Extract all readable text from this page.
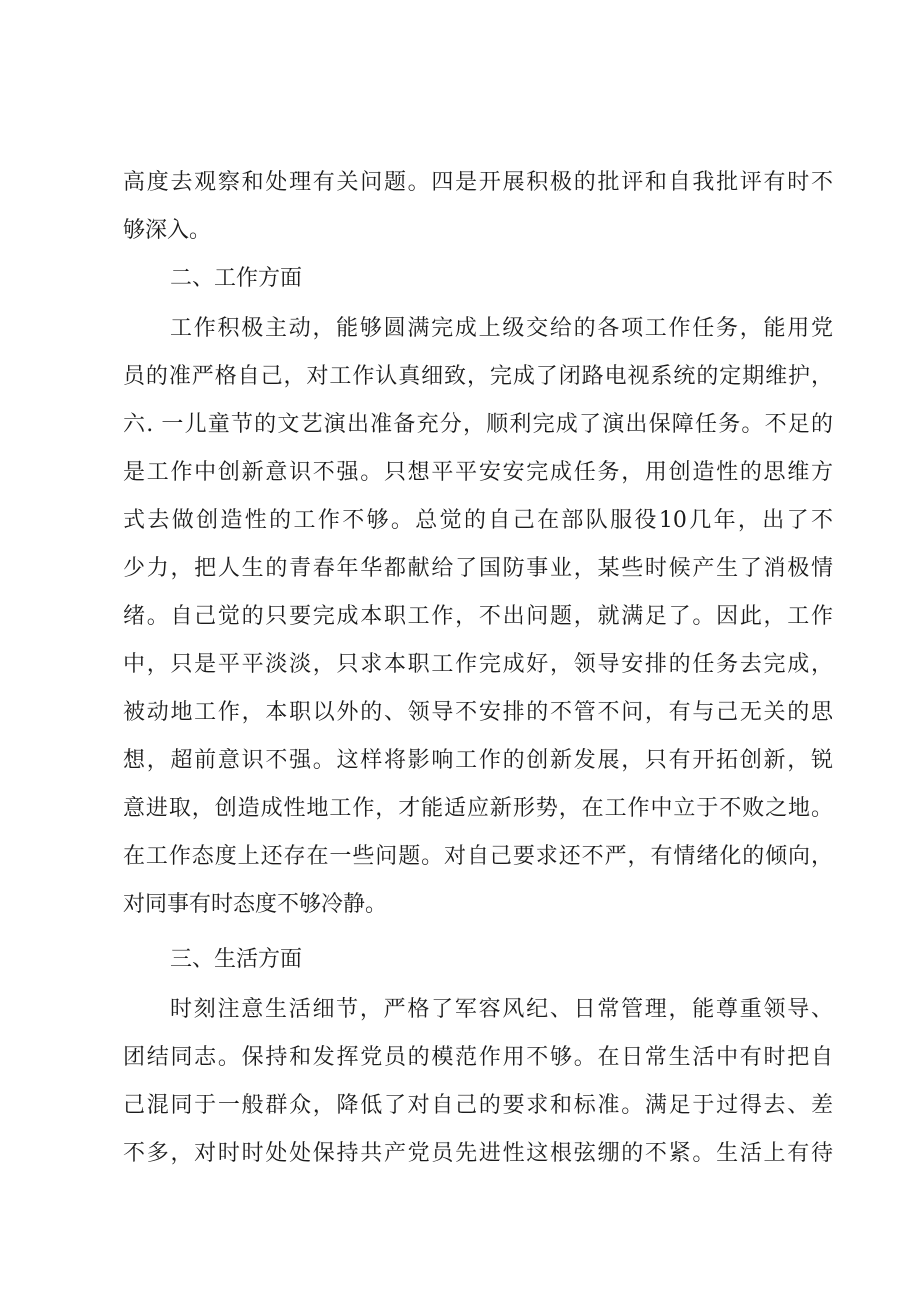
高度去观察和处理有关问题。四是开展积极的批评和自我批评有时不
够深入。
二、工作方面
工作积极主动，能够圆满完成上级交给的各项工作任务，能用党
员的准严格自己，对工作认真细致，完成了闭路电视系统的定期维护，
六. 一儿童节的文艺演出准备充分，顺利完成了演出保障任务。不足的
是工作中创新意识不强。只想平平安安完成任务，用创造性的思维方
式去做创造性的工作不够。总觉的自己在部队服役10几年，出了不
少力，把人生的青春年华都献给了国防事业，某些时候产生了消极情
绪。自己觉的只要完成本职工作，不出问题，就满足了。因此，工作
中，只是平平淡淡，只求本职工作完成好，领导安排的任务去完成，
被动地工作，本职以外的、领导不安排的不管不问，有与己无关的思
想，超前意识不强。这样将影响工作的创新发展，只有开拓创新，锐
意进取，创造成性地工作，才能适应新形势，在工作中立于不败之地。
在工作态度上还存在一些问题。对自己要求还不严，有情绪化的倾向，
对同事有时态度不够冷静。
三、生活方面
时刻注意生活细节，严格了军容风纪、日常管理，能尊重领导、
团结同志。保持和发挥党员的模范作用不够。在日常生活中有时把自
己混同于一般群众，降低了对自己的要求和标准。满足于过得去、差
不多，对时时处处保持共产党员先进性这根弦绷的不紧。生活上有待
